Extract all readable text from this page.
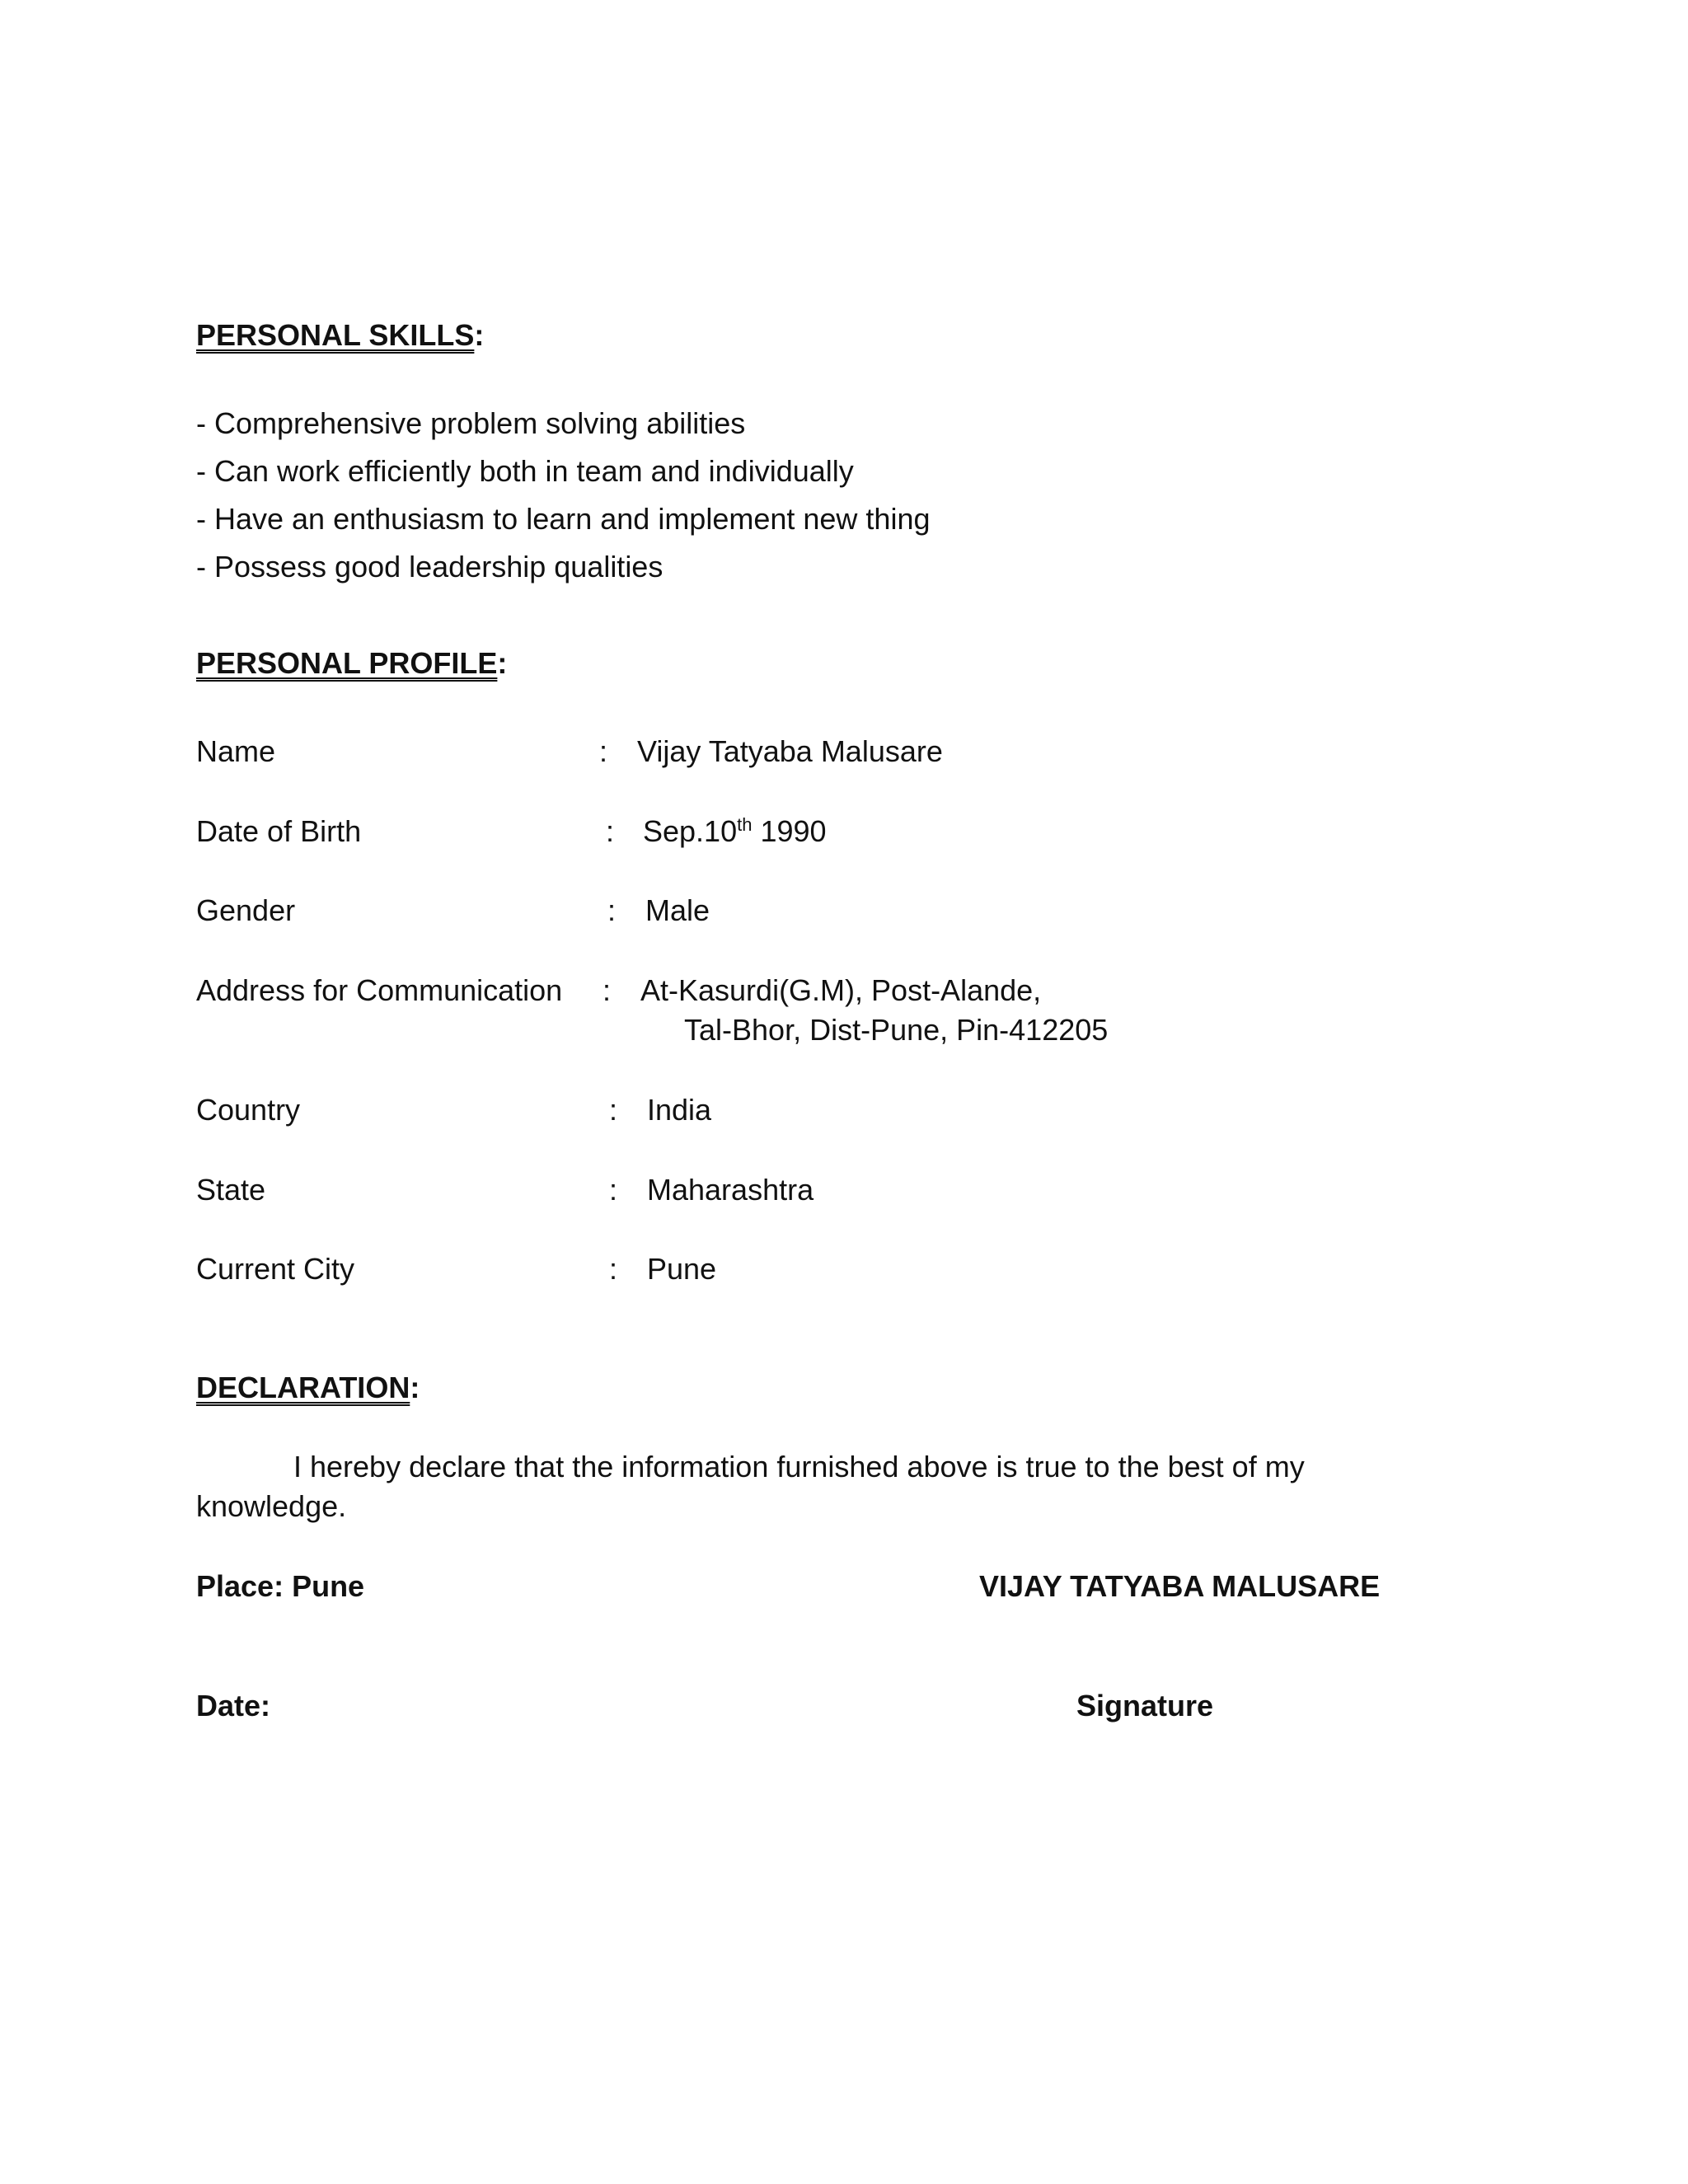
PERSONAL SKILLS:
- Comprehensive problem solving abilities
- Can work efficiently both in team and individually
- Have an enthusiasm to learn and implement new thing
- Possess good leadership qualities
PERSONAL PROFILE:
Name	: Vijay Tatyaba Malusare
Date of Birth	: Sep.10th 1990
Gender	: Male
Address for Communication : At-Kasurdi(G.M), Post-Alande,
Tal-Bhor, Dist-Pune, Pin-412205
Country	: India
State	: Maharashtra
Current City	: Pune
DECLARATION:
I hereby declare that the information furnished above is true to the best of my
knowledge.
Place: Pune	VIJAY TATYABA MALUSARE
Date:	Signature
